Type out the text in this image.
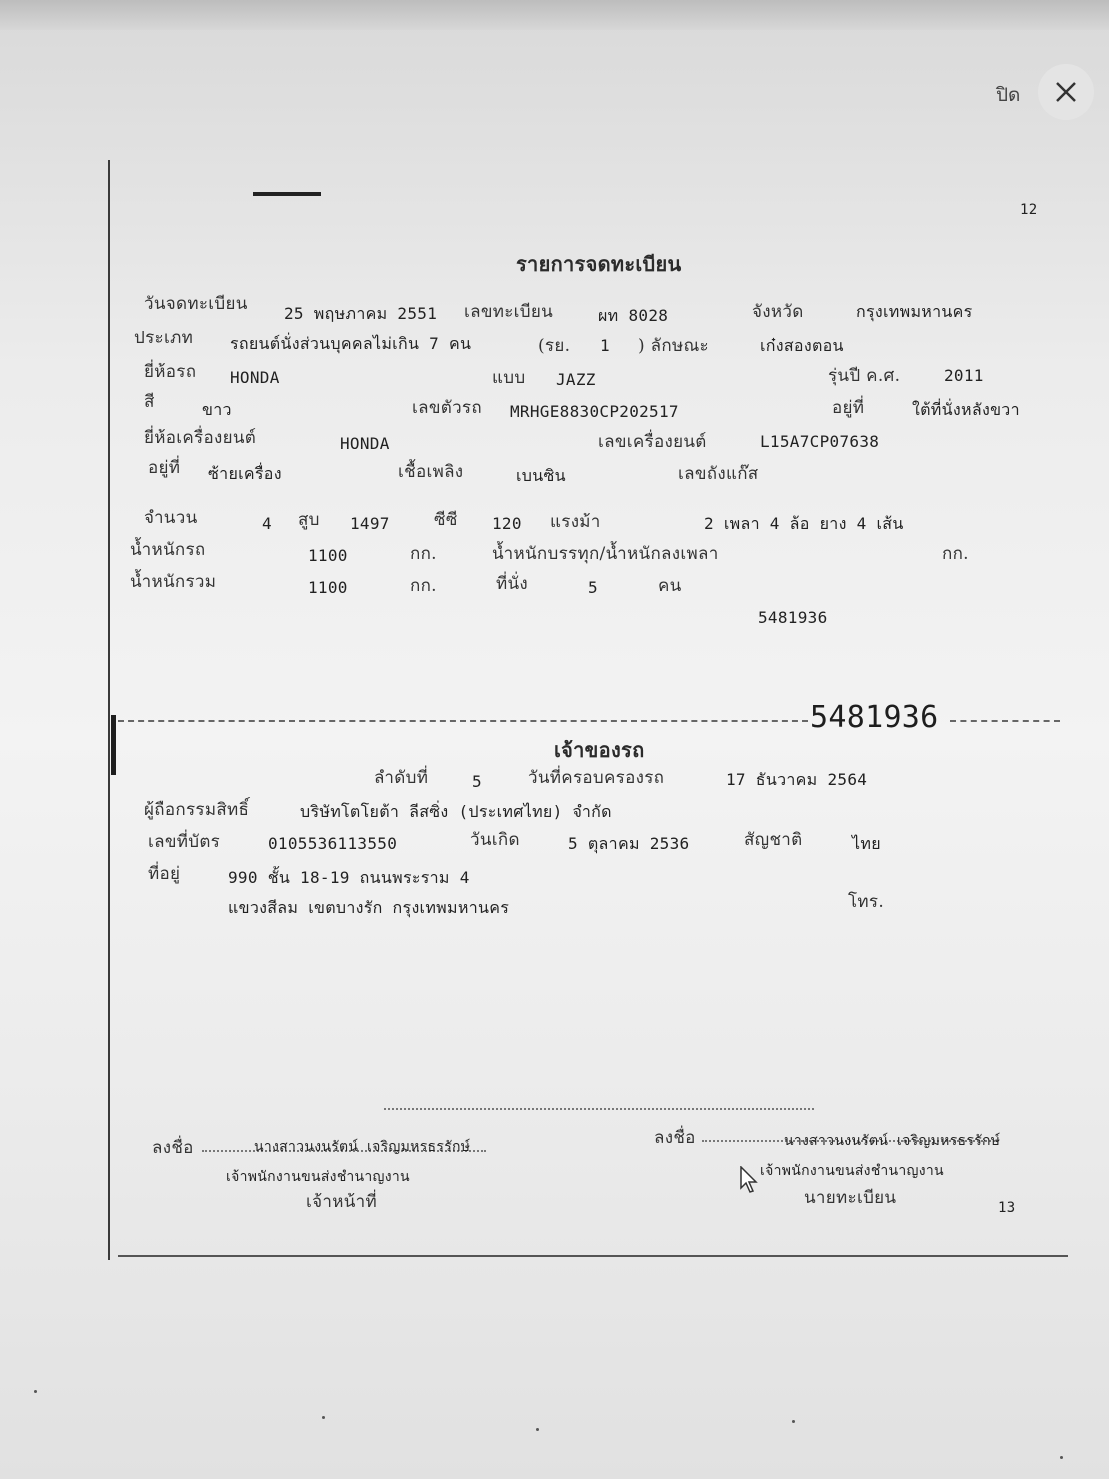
ปิด
12
รายการจดทะเบียน
วันจดทะเบียน 25 พฤษภาคม 2551 เลขทะเบียน	ผท 8028	จังหวัด	กรุงเทพมหานคร
ประเภท รถยนต์นั่งส่วนบุคคลไม่เกิน 7 คน	(รย. 1 ) ลักษณะ	เก๋งสองตอน
ยี่ห้อรถ HONDA	แบบ JAZZ	รุ่นปี ค.ศ.	2011
สี	ขาว	เลขตัวรถ MRHGE8830CP202517	อยู่ที่	ใต้ที่นั่งหลังขวา
ยี่ห้อเครื่องยนต์	HONDA	เลขเครื่องยนต์	L15A7CP07638
อยู่ที่ ซ้ายเครื่อง	เชื้อเพลิง	เบนซิน	เลขถังแก๊ส
จำนวน	4 สูบ 1497	ซีซี 120 แรงม้า	2 เพลา 4 ล้อ ยาง 4 เส้น
น้ำหนักรถ	1100	กก.	น้ำหนักบรรทุก/น้ำหนักลงเพลา	กก.
น้ำหนักรวม	1100	กก.	ที่นั่ง	5	คน
5481936
5481936
เจ้าของรถ
ลำดับที่	5	วันที่ครอบครองรถ	17 ธันวาคม 2564
ผู้ถือกรรมสิทธิ์	บริษัทโตโยต้า ลีสซิ่ง (ประเทศไทย) จำกัด
เลขที่บัตร	0105536113550	วันเกิด	5 ตุลาคม 2536	สัญชาติ	ไทย
ที่อยู่	990 ชั้น 18-19 ถนนพระราม 4
แขวงสีลม เขตบางรัก กรุงเทพมหานคร	โทร.
ลงชื่อ	นางสาวนงนรัตน์ เจริญมหรธรรักษ์
เจ้าพนักงานขนส่งชำนาญงาน
เจ้าหน้าที่
ลงชื่อ	นางสาวนงนรัตน์ เจริญมหรธรรักษ์
เจ้าพนักงานขนส่งชำนาญงาน
นายทะเบียน	13
